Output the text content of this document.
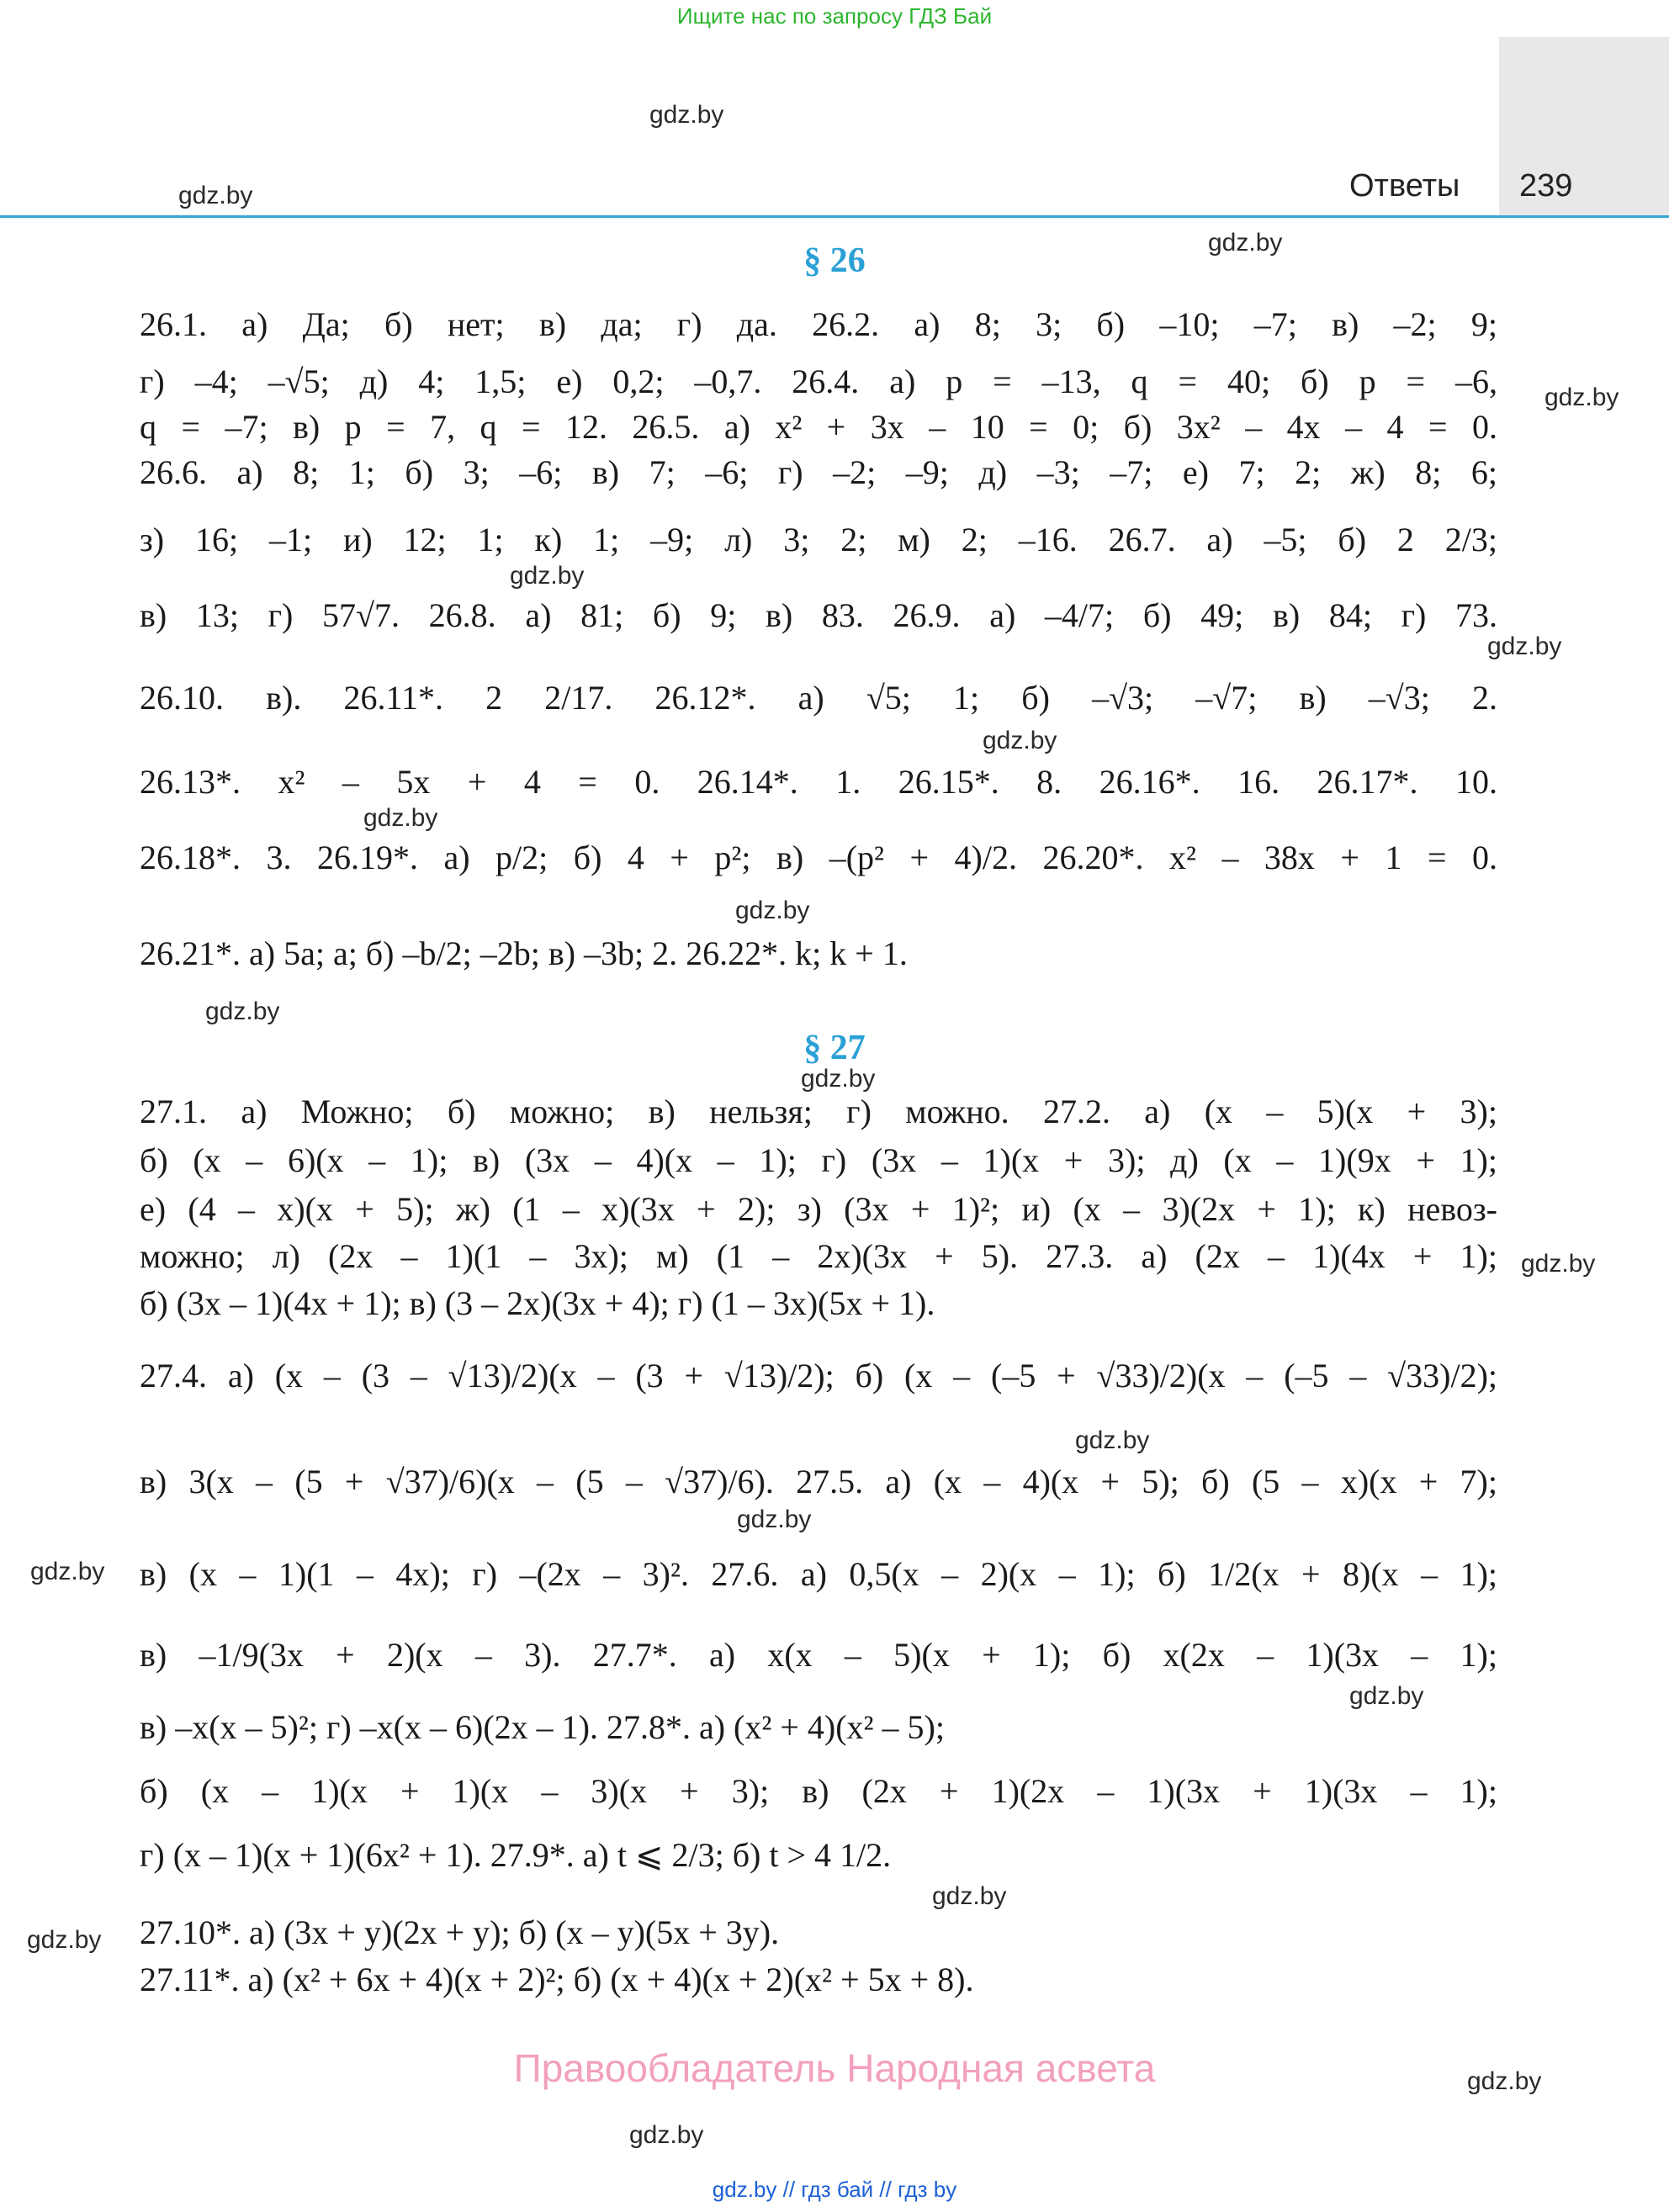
Ищите нас по запросу ГДЗ Бай
Ответы 239
gdz.by
gdz.by
gdz.by
gdz.by
gdz.by
gdz.by
gdz.by
gdz.by
gdz.by
gdz.by
gdz.by
gdz.by
gdz.by
gdz.by
gdz.by
gdz.by
gdz.by
gdz.by
gdz.by
gdz.by
§ 26
26.1. а) Да; б) нет; в) да; г) да. 26.2. а) 8; 3; б) –10; –7; в) –2; 9;
г) –4; –√5; д) 4; 1,5; е) 0,2; –0,7. 26.4. а) p = –13, q = 40; б) p = –6,
q = –7; в) p = 7, q = 12. 26.5. а) x² + 3x – 10 = 0; б) 3x² – 4x – 4 = 0.
26.6. а) 8; 1; б) 3; –6; в) 7; –6; г) –2; –9; д) –3; –7; е) 7; 2; ж) 8; 6;
з) 16; –1; и) 12; 1; к) 1; –9; л) 3; 2; м) 2; –16. 26.7. а) –5; б) 2 2/3;
в) 13; г) 57√7. 26.8. а) 81; б) 9; в) 83. 26.9. а) –4/7; б) 49; в) 84; г) 73.
26.10. в). 26.11*. 2 2/17. 26.12*. а) √5; 1; б) –√3; –√7; в) –√3; 2.
26.13*. x² – 5x + 4 = 0. 26.14*. 1. 26.15*. 8. 26.16*. 16. 26.17*. 10.
26.18*. 3. 26.19*. а) p/2; б) 4 + p²; в) –(p² + 4)/2. 26.20*. x² – 38x + 1 = 0.
26.21*. а) 5a; a; б) –b/2; –2b; в) –3b; 2. 26.22*. k; k + 1.
§ 27
27.1. а) Можно; б) можно; в) нельзя; г) можно. 27.2. а) (x – 5)(x + 3);
б) (x – 6)(x – 1); в) (3x – 4)(x – 1); г) (3x – 1)(x + 3); д) (x – 1)(9x + 1);
е) (4 – x)(x + 5); ж) (1 – x)(3x + 2); з) (3x + 1)²; и) (x – 3)(2x + 1); к) невоз-
можно; л) (2x – 1)(1 – 3x); м) (1 – 2x)(3x + 5). 27.3. а) (2x – 1)(4x + 1);
б) (3x – 1)(4x + 1); в) (3 – 2x)(3x + 4); г) (1 – 3x)(5x + 1).
27.4. а) (x – (3 – √13)/2)(x – (3 + √13)/2); б) (x – (–5 + √33)/2)(x – (–5 – √33)/2);
в) 3(x – (5 + √37)/6)(x – (5 – √37)/6). 27.5. а) (x – 4)(x + 5); б) (5 – x)(x + 7);
в) (x – 1)(1 – 4x); г) –(2x – 3)². 27.6. а) 0,5(x – 2)(x – 1); б) 1/2(x + 8)(x – 1);
в) –1/9(3x + 2)(x – 3). 27.7*. а) x(x – 5)(x + 1); б) x(2x – 1)(3x – 1);
в) –x(x – 5)²; г) –x(x – 6)(2x – 1). 27.8*. а) (x² + 4)(x² – 5);
б) (x – 1)(x + 1)(x – 3)(x + 3); в) (2x + 1)(2x – 1)(3x + 1)(3x – 1);
г) (x – 1)(x + 1)(6x² + 1). 27.9*. а) t ⩽ 2/3; б) t > 4 1/2.
27.10*. а) (3x + y)(2x + y); б) (x – y)(5x + 3y).
27.11*. а) (x² + 6x + 4)(x + 2)²; б) (x + 4)(x + 2)(x² + 5x + 8).
Правообладатель Народная асвета
gdz.by // гдз бай // гдз by
